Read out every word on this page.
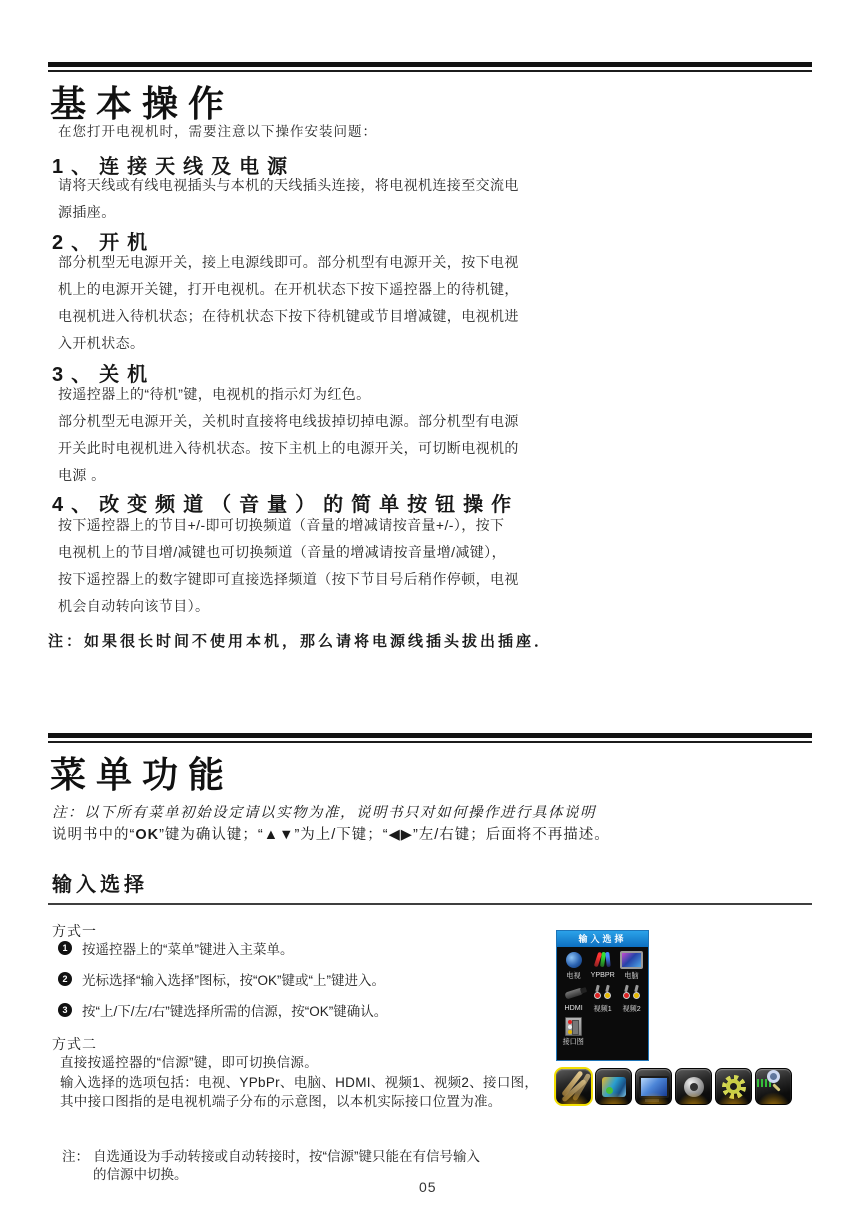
基本操作
在您打开电视机时，需要注意以下操作安装问题：
1、连接天线及电源
请将天线或有线电视插头与本机的天线插头连接，将电视机连接至交流电
源插座。
2、开机
部分机型无电源开关，接上电源线即可。部分机型有电源开关，按下电视
机上的电源开关键，打开电视机。在开机状态下按下遥控器上的待机键，
电视机进入待机状态；在待机状态下按下待机键或节目增减键，电视机进
入开机状态。
3、关机
按遥控器上的“待机”键，电视机的指示灯为红色。
部分机型无电源开关，关机时直接将电线拔掉切掉电源。部分机型有电源
开关此时电视机进入待机状态。按下主机上的电源开关，可切断电视机的
电源 。
4、改变频道（音量）的简单按钮操作
按下遥控器上的节目+/-即可切换频道（音量的增减请按音量+/-），按下
电视机上的节目增/减键也可切换频道（音量的增减请按音量增/减键），
按下遥控器上的数字键即可直接选择频道（按下节目号后稍作停顿，电视
机会自动转向该节目）。
注：如果很长时间不使用本机，那么请将电源线插头拔出插座．
菜单功能
注：以下所有菜单初始设定请以实物为准，说明书只对如何操作进行具体说明
说明书中的“OK”键为确认键；“▲▼”为上/下键；“◀▶”左/右键；后面将不再描述。
输入选择
方式一
1	按遥控器上的“菜单”键进入主菜单。
2	光标选择“输入选择”图标，按“OK”键或“上”键进入。
3	按“上/下/左/右”键选择所需的信源，按“OK”键确认。
方式二
直接按遥控器的“信源”键，即可切换信源。
输入选择的选项包括：电视、YPbPr、电脑、HDMI、视频1、视频2、接口图，
其中接口图指的是电视机端子分布的示意图，以本机实际接口位置为准。
注： 自选通设为手动转接或自动转接时，按“信源”键只能在有信号输入
的信源中切换。
05
输入选择
电视 YPBPR 电脑
HDMI 视频1 视频2
接口图
